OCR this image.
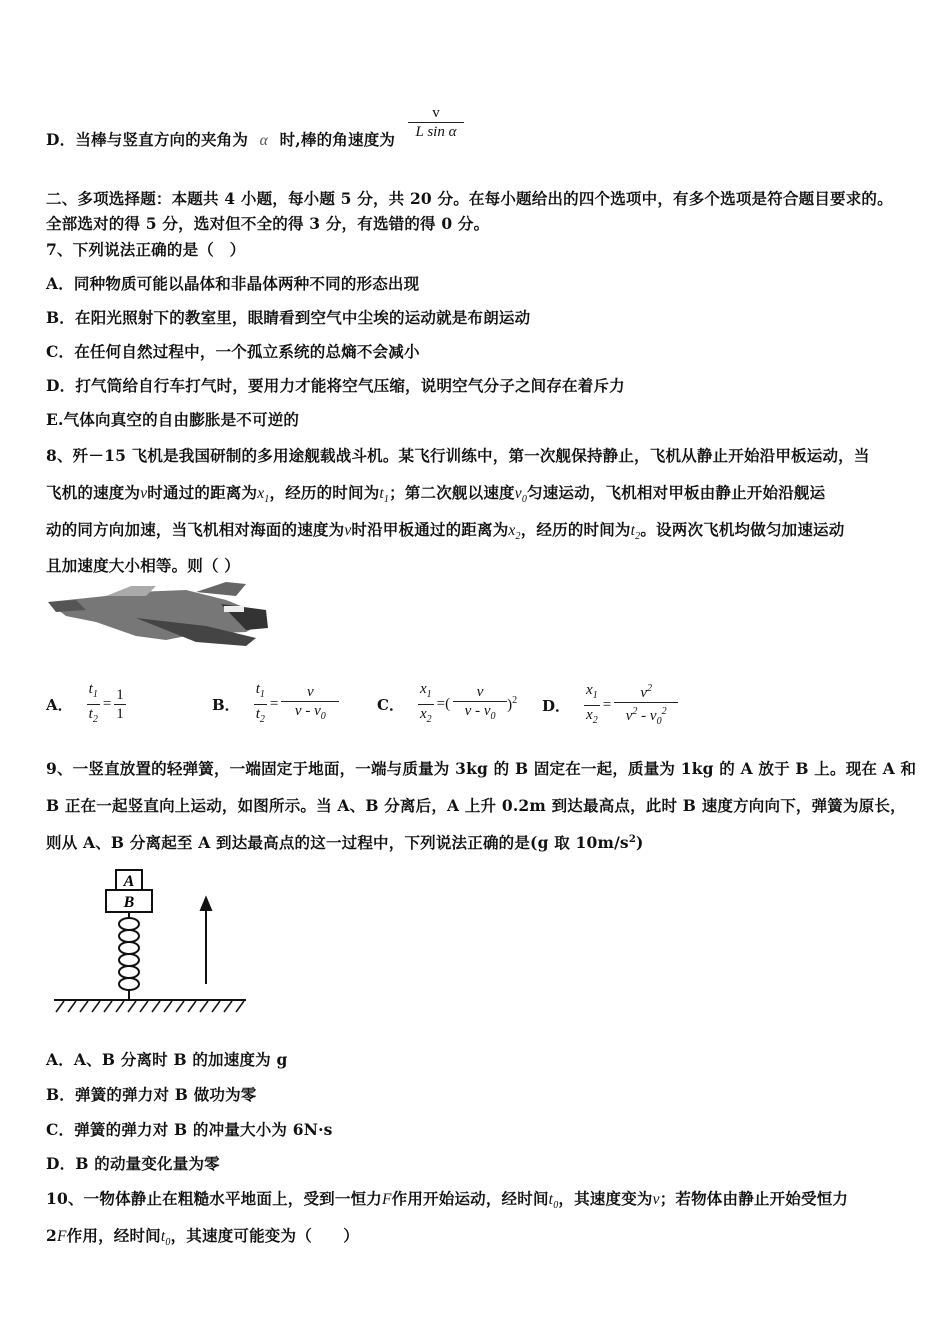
D．当棒与竖直方向的夹角为 α 时,棒的角速度为 $\frac{v}{\text{L sin α}}$
二、多项选择题：本题共 4 小题，每小题 5 分，共 20 分。在每小题给出的四个选项中，有多个选项是符合题目要求的。
全部选对的得 5 分，选对但不全的得 3 分，有选错的得 0 分。
7、下列说法正确的是（　）
A．同种物质可能以晶体和非晶体两种不同的形态出现
B．在阳光照射下的教室里，眼睛看到空气中尘埃的运动就是布朗运动
C．在任何自然过程中，一个孤立系统的总熵不会减小
D．打气筒给自行车打气时，要用力才能将空气压缩，说明空气分子之间存在着斥力
E.气体向真空的自由膨胀是不可逆的
8、歼－15 飞机是我国研制的多用途舰载战斗机。某飞行训练中，第一次舰保持静止，飞机从静止开始沿甲板运动，当
飞机的速度为v时通过的距离为$x_1$，经历的时间为$t_1$；第二次舰以速度$v_0$匀速运动，飞机相对甲板由静止开始沿舰运
动的同方向加速，当飞机相对海面的速度为v时沿甲板通过的距离为$x_2$，经历的时间为$t_2$。设两次飞机均做匀加速运动
且加速度大小相等。则（ ）
A． $\frac{t_1}{t_2} = \frac{1}{1}$	B． $\frac{t_1}{t_2} = \frac{v}{v - v_0}$	C． $\frac{x_1}{x_2}$ =(
v
v - $v_0$
)$^2$ D． $\frac{x_1}{x_2} = \frac{v^2}{v^2 - v_0^2}$
9、一竖直放置的轻弹簧，一端固定于地面，一端与质量为 3kg 的 B 固定在一起，质量为 1kg 的 A 放于 B 上。现在 A 和
B 正在一起竖直向上运动，如图所示。当 A、B 分离后，A 上升 0.2m 到达最高点，此时 B 速度方向向下，弹簧为原长，
则从 A、B 分离起至 A 到达最高点的这一过程中，下列说法正确的是(g 取 $10m/s^2$)
A
B
A．A、B 分离时 B 的加速度为 g
B．弹簧的弹力对 B 做功为零
C．弹簧的弹力对 B 的冲量大小为 6N·s
D．B 的动量变化量为零
10、一物体静止在粗糙水平地面上，受到一恒力F作用开始运动，经时间$t_0$，其速度变为v；若物体由静止开始受恒力
2F作用，经时间$t_0$，其速度可能变为（　　）
